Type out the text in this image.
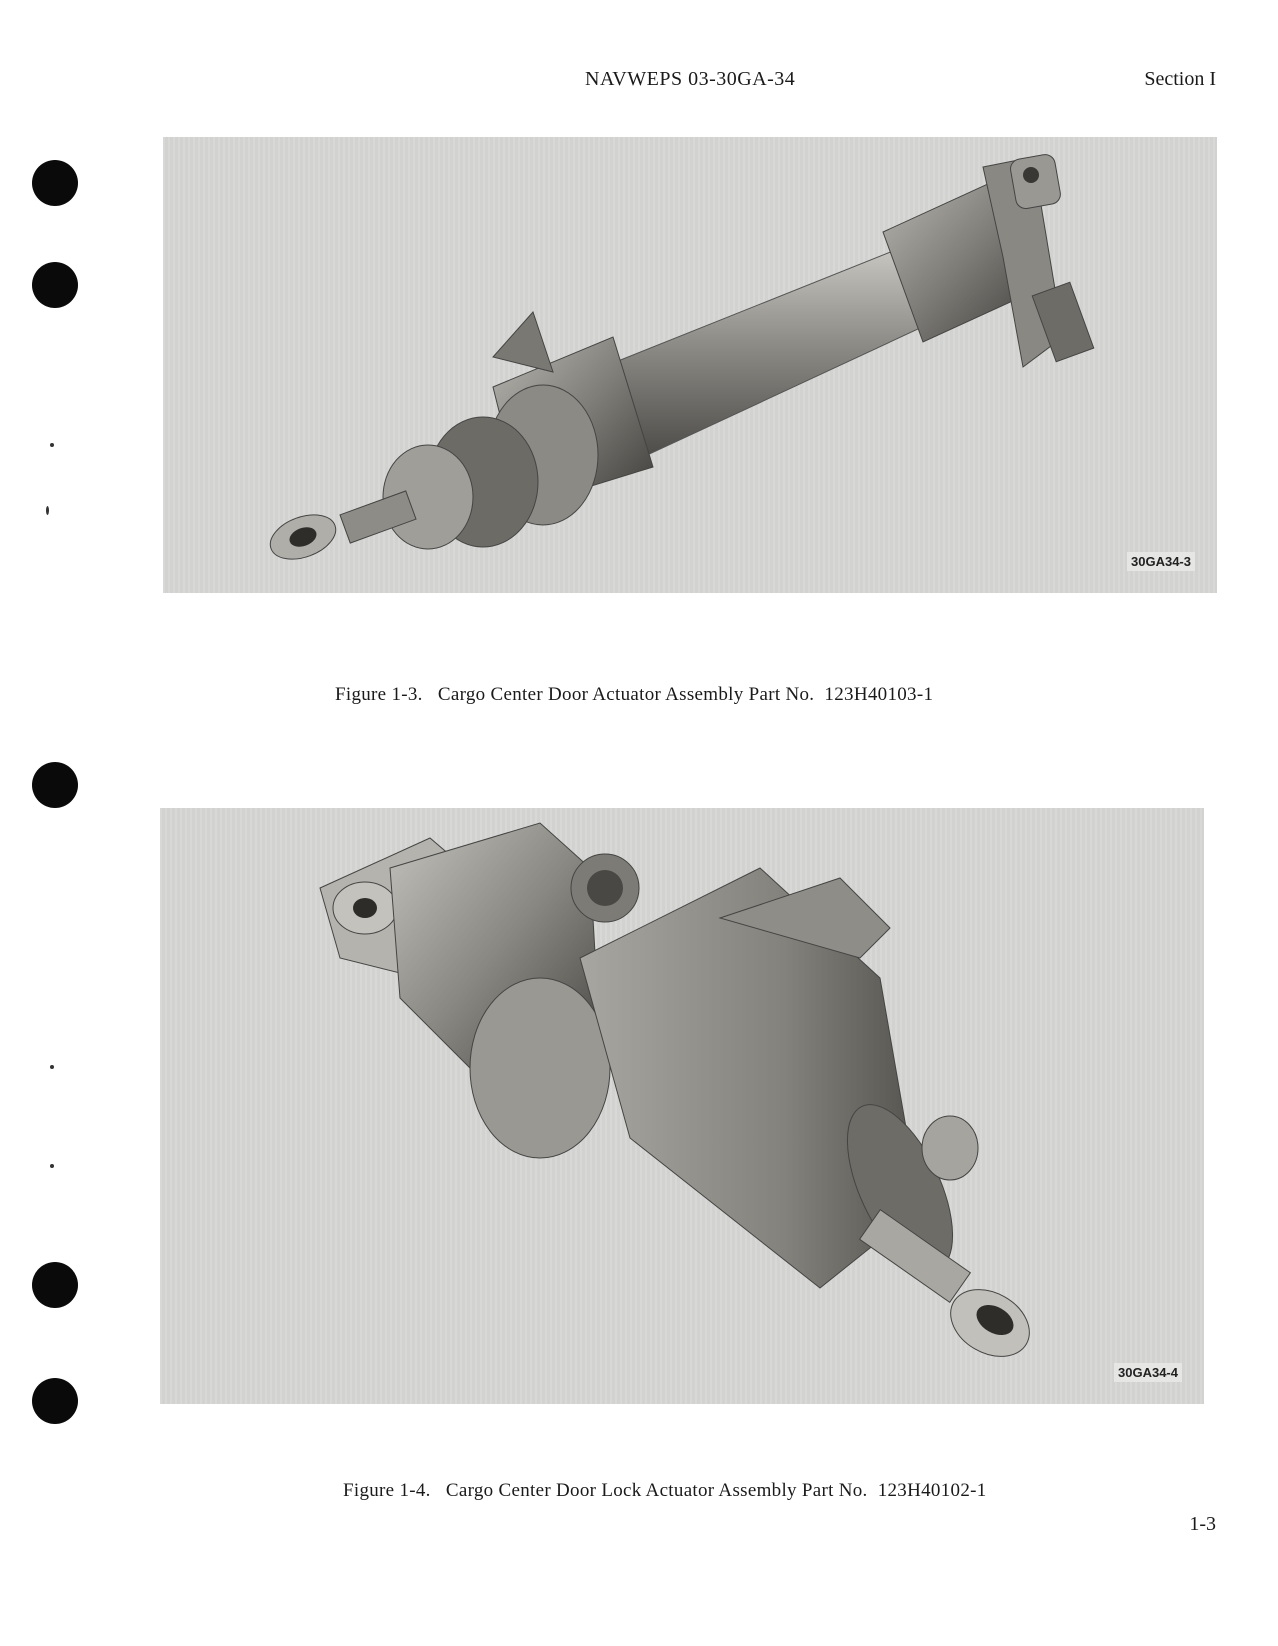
NAVWEPS 03-30GA-34	Section I
30GA34-3
Figure 1-3.   Cargo Center Door Actuator Assembly Part No.  123H40103-1
30GA34-4
Figure 1-4.   Cargo Center Door Lock Actuator Assembly Part No.  123H40102-1
1-3
